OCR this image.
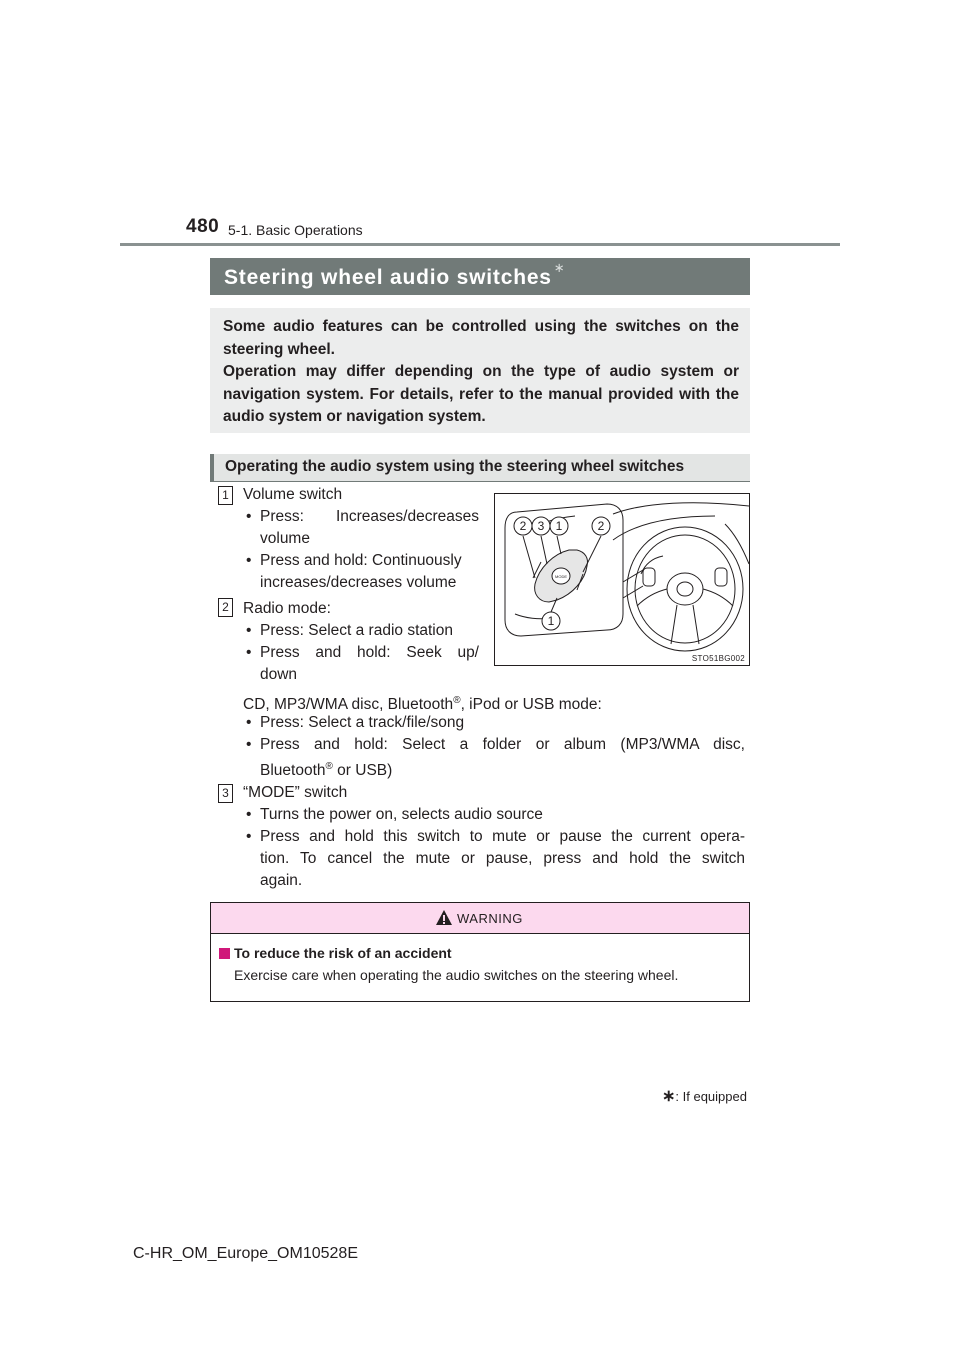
480 5-1. Basic Operations
Steering wheel audio switches ∗

Some audio features can be controlled using the switches on the steering wheel.

Operation may differ depending on the type of audio system or navigation system. For details, refer to the manual provided with the audio system or navigation system.

Operating the audio system using the steering wheel switches
1 Volume switch
• Press: Increases/decreases
volume
• Press and hold: Continuously
increases/decreases volume
2 Radio mode:
• Press: Select a radio station
• Press and hold: Seek up/
down
CD, MP3/WMA disc, Bluetooth®, iPod or USB mode:
• Press: Select a track/file/song
• Press and hold: Select a folder or album (MP3/WMA disc,
Bluetooth® or USB)
3 “MODE” switch
• Turns the power on, selects audio source
• Press and hold this switch to mute or pause the current opera-
tion. To cancel the mute or pause, press and hold the switch
again.
2 3 1	2
1
MODE
STO51BG002
WARNING
To reduce the risk of an accident
Exercise care when operating the audio switches on the steering wheel.
∗: If equipped
C-HR_OM_Europe_OM10528E
